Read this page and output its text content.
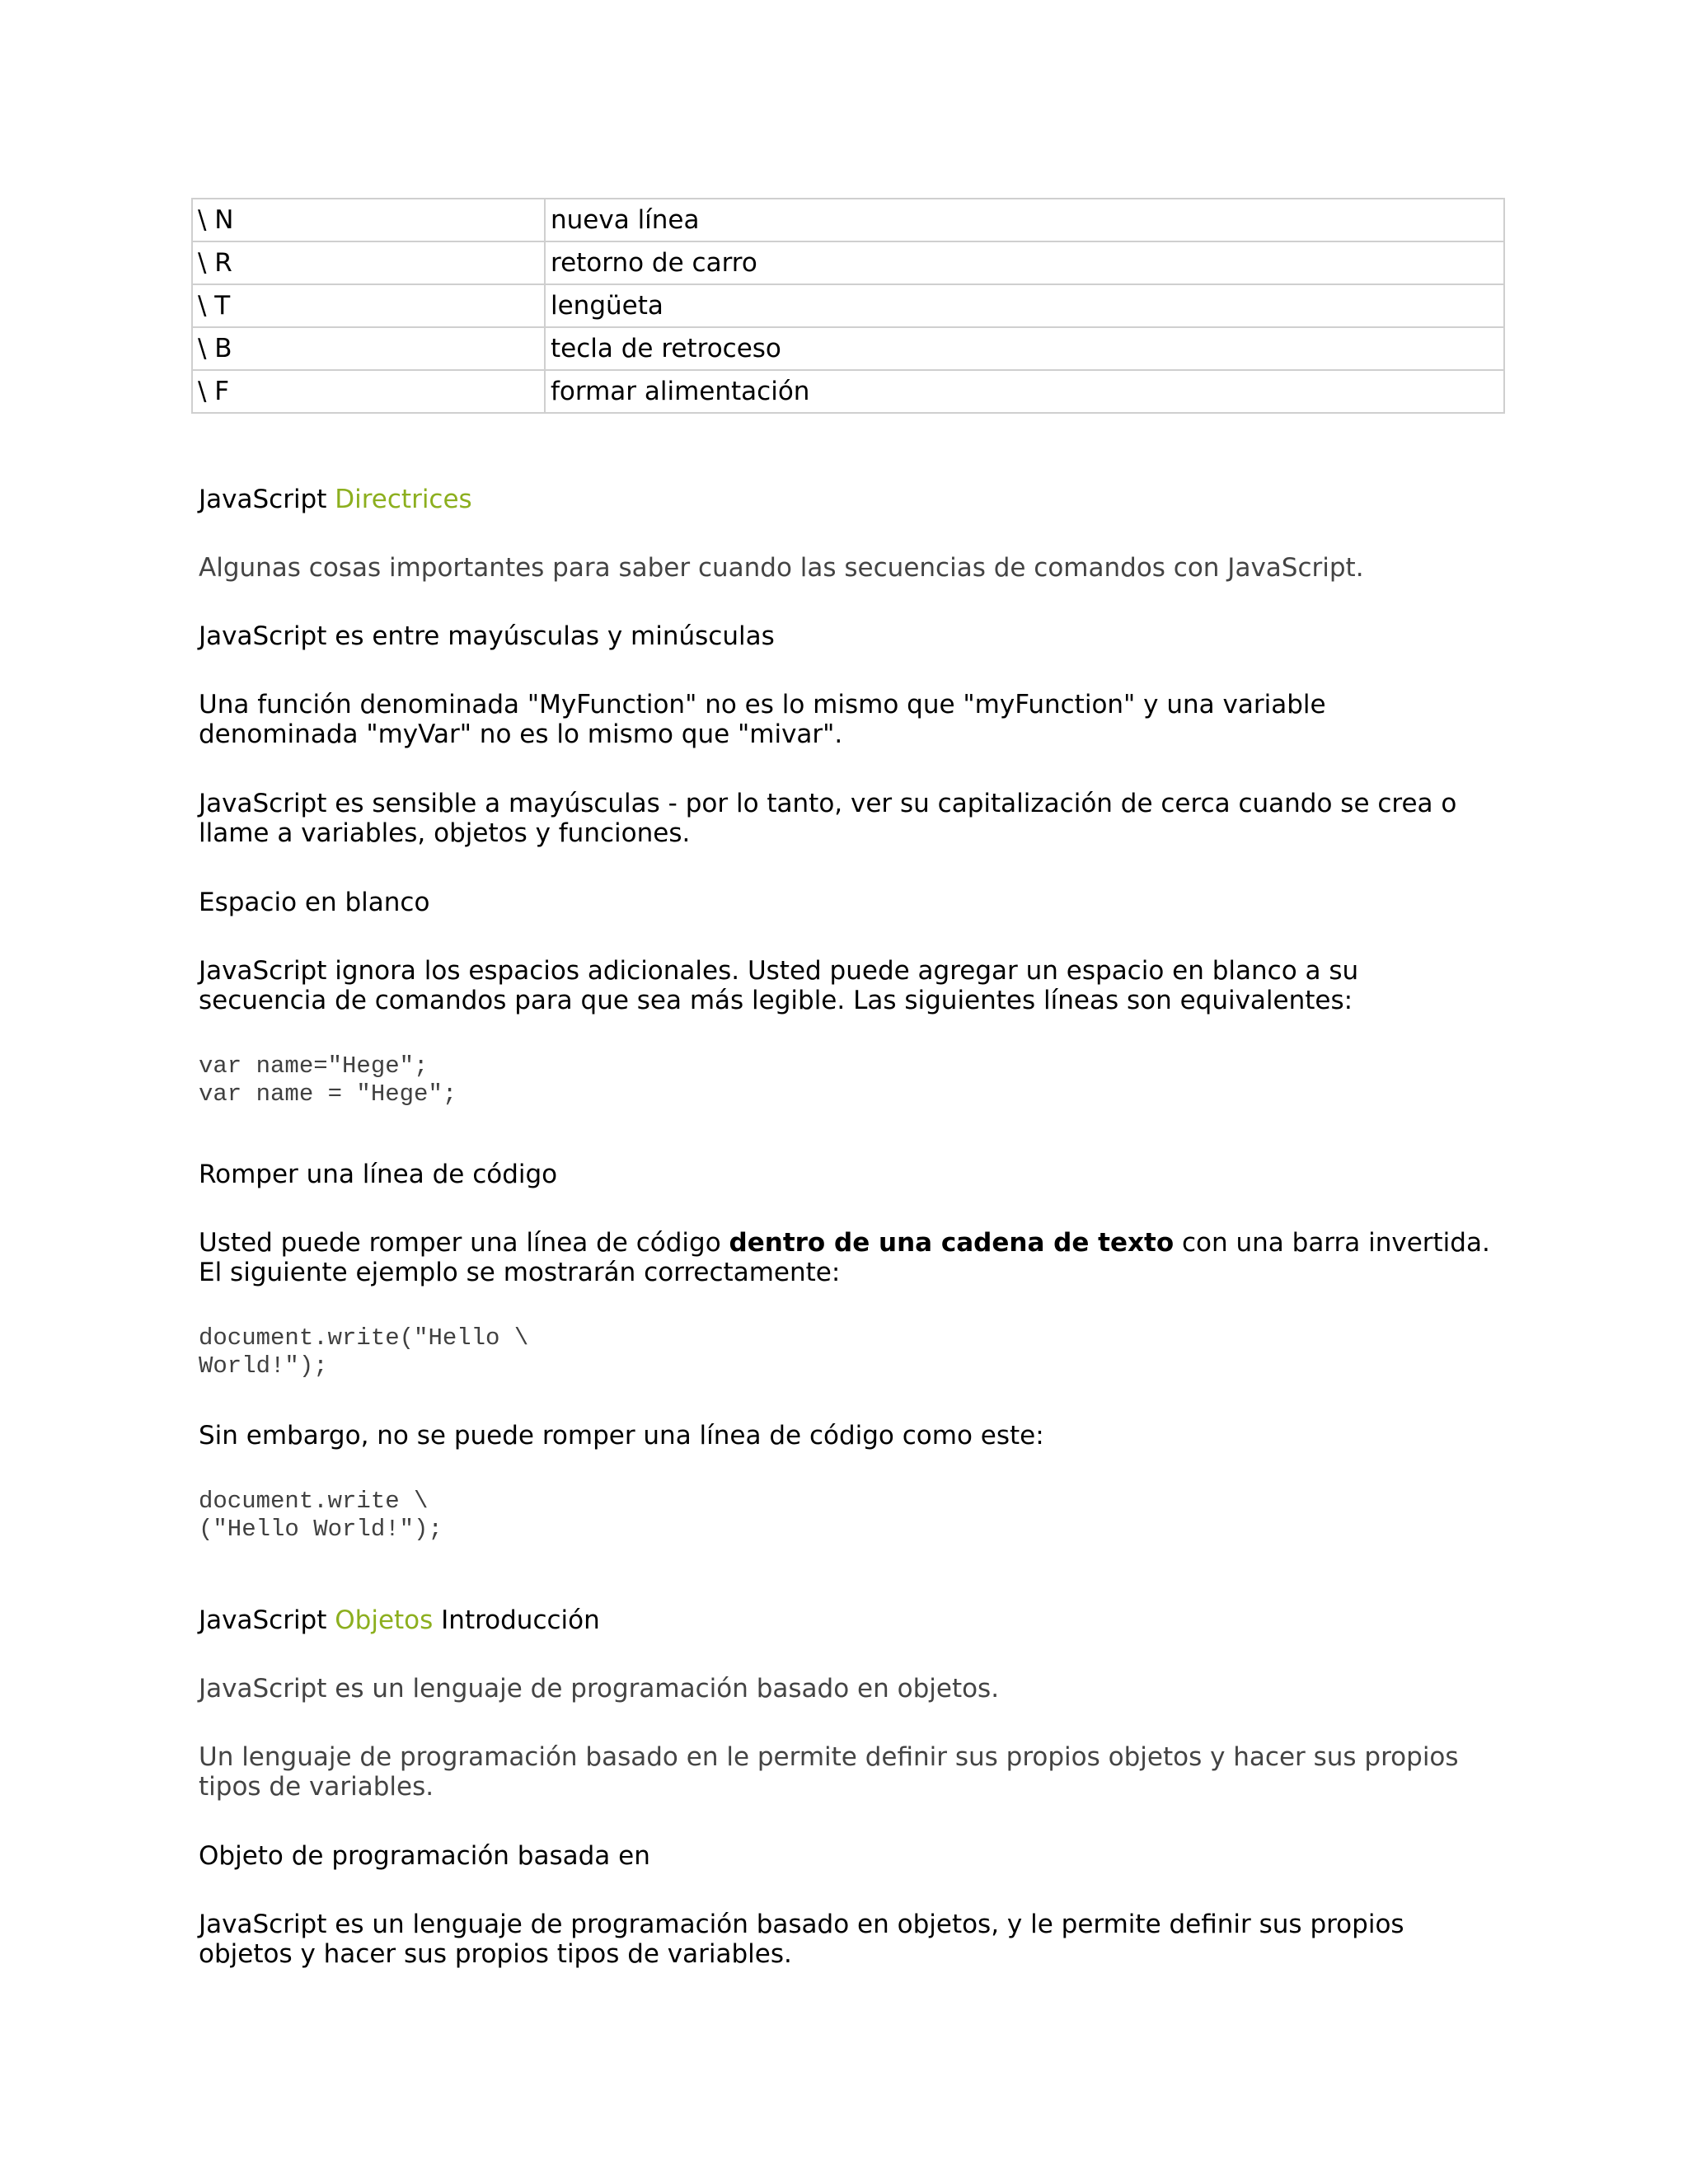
\ N	nueva línea
\ R	retorno de carro
\ T	lengüeta
\ B	tecla de retroceso
\ F	formar alimentación

JavaScript Directrices

Algunas cosas importantes para saber cuando las secuencias de comandos con JavaScript.

JavaScript es entre mayúsculas y minúsculas

Una función denominada "MyFunction" no es lo mismo que "myFunction" y una variable denominada "myVar" no es lo mismo que "mivar".

JavaScript es sensible a mayúsculas - por lo tanto, ver su capitalización de cerca cuando se crea o llame a variables, objetos y funciones.

Espacio en blanco

JavaScript ignora los espacios adicionales. Usted puede agregar un espacio en blanco a su secuencia de comandos para que sea más legible. Las siguientes líneas son equivalentes:

var name="Hege";
var name = "Hege";

Romper una línea de código

Usted puede romper una línea de código dentro de una cadena de texto con una barra invertida. El siguiente ejemplo se mostrarán correctamente:

document.write("Hello \
World!");

Sin embargo, no se puede romper una línea de código como este:

document.write \
("Hello World!");

JavaScript Objetos Introducción

JavaScript es un lenguaje de programación basado en objetos.

Un lenguaje de programación basado en le permite definir sus propios objetos y hacer sus propios tipos de variables.

Objeto de programación basada en

JavaScript es un lenguaje de programación basado en objetos, y le permite definir sus propios objetos y hacer sus propios tipos de variables.
